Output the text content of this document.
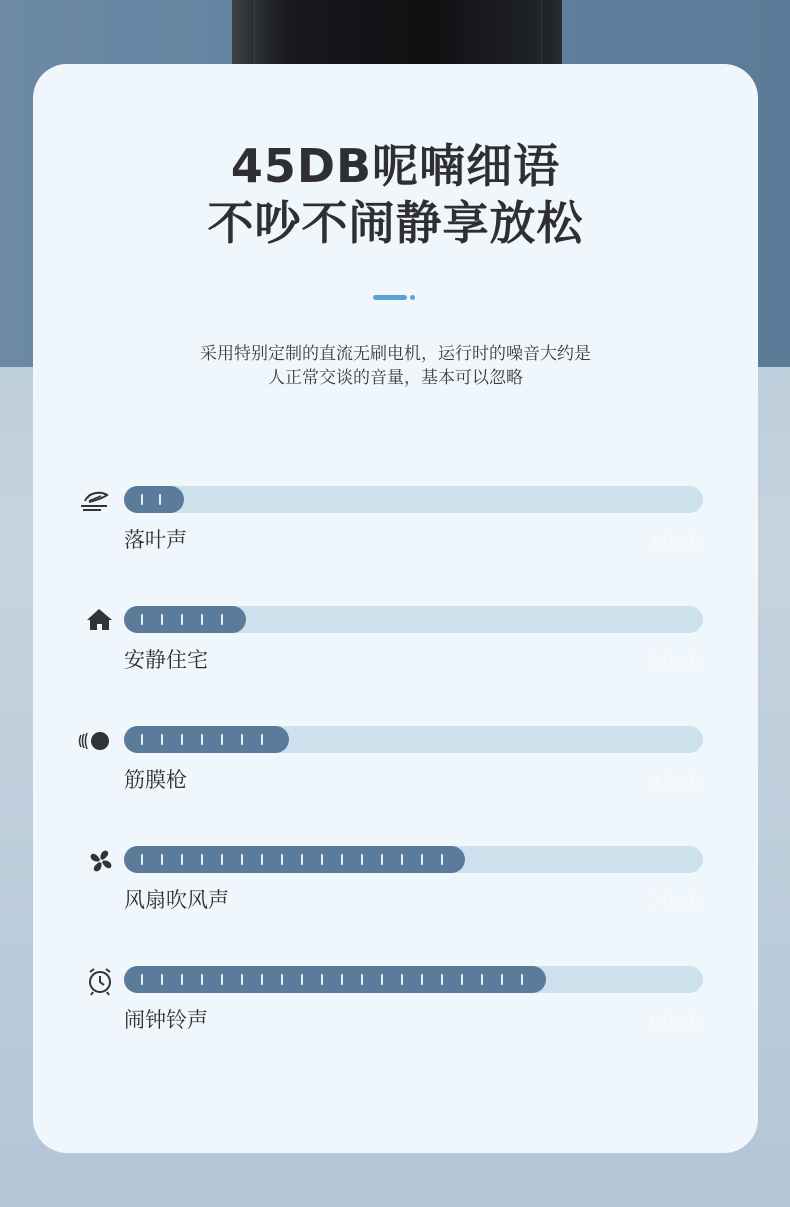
45DB呢喃细语
不吵不闹静享放松
采用特别定制的直流无刷电机，运行时的噪音大约是
人正常交谈的音量，基本可以忽略
落叶声	10dB
安静住宅	30dB
筋膜枪	45dB
风扇吹风声	70dB
闹钟铃声	80dB
